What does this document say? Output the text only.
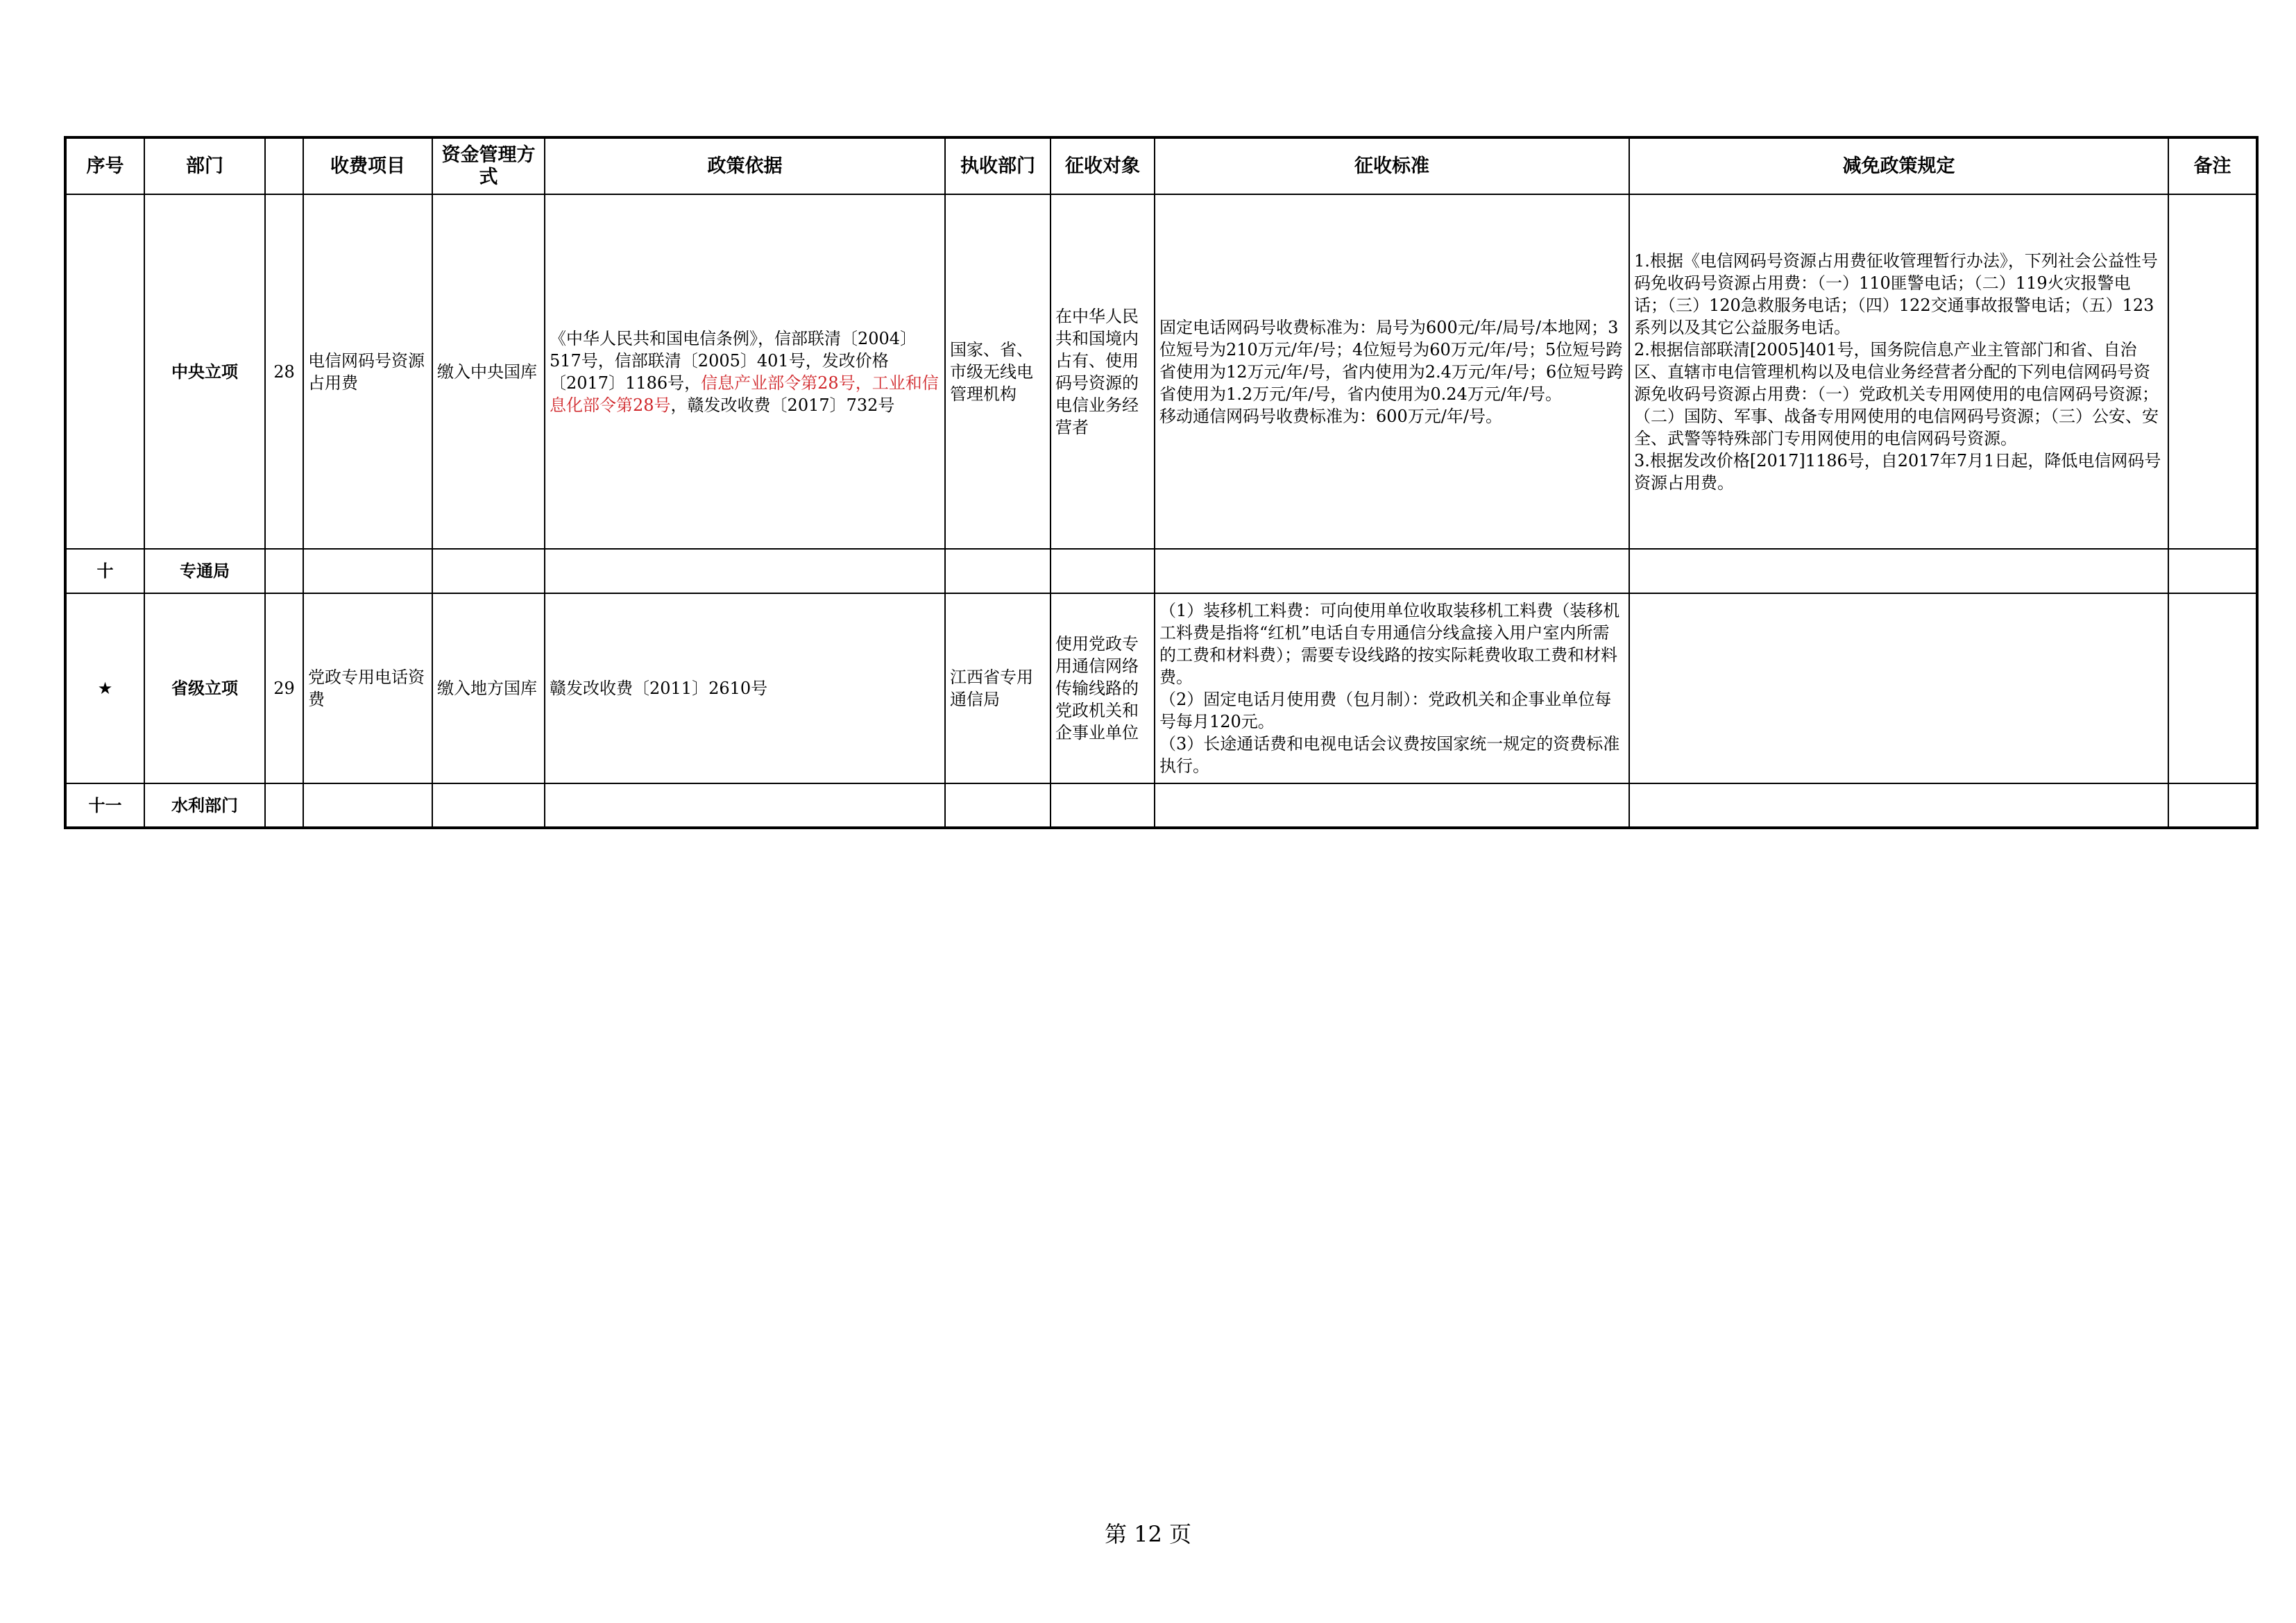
序号	部门		收费项目	资金管理方式	政策依据	执收部门	征收对象	征收标准	减免政策规定	备注
	中央立项	28	电信网码号资源占用费	缴入中央国库	《中华人民共和国电信条例》，信部联清〔2004〕517号，信部联清〔2005〕401号，发改价格〔2017〕1186号，信息产业部令第28号，工业和信息化部令第28号，赣发改收费〔2017〕732号	国家、省、市级无线电管理机构	在中华人民共和国境内占有、使用码号资源的电信业务经营者	固定电话网码号收费标准为：局号为600元/年/局号/本地网；3位短号为210万元/年/号；4位短号为60万元/年/号；5位短号跨省使用为12万元/年/号，省内使用为2.4万元/年/号；6位短号跨省使用为1.2万元/年/号，省内使用为0.24万元/年/号。
移动通信网码号收费标准为：600万元/年/号。	1.根据《电信网码号资源占用费征收管理暂行办法》，下列社会公益性号码免收码号资源占用费：（一）110匪警电话；（二）119火灾报警电话；（三）120急救服务电话；（四）122交通事故报警电话；（五）123系列以及其它公益服务电话。
2.根据信部联清[2005]401号，国务院信息产业主管部门和省、自治区、直辖市电信管理机构以及电信业务经营者分配的下列电信网码号资源免收码号资源占用费：（一）党政机关专用网使用的电信网码号资源；（二）国防、军事、战备专用网使用的电信网码号资源；（三）公安、安全、武警等特殊部门专用网使用的电信网码号资源。
3.根据发改价格[2017]1186号，自2017年7月1日起，降低电信网码号资源占用费。	
十	专通局									
★	省级立项	29	党政专用电话资费	缴入地方国库	赣发改收费〔2011〕2610号	江西省专用通信局	使用党政专用通信网络传输线路的党政机关和企事业单位	（1）装移机工料费：可向使用单位收取装移机工料费（装移机工料费是指将“红机”电话自专用通信分线盒接入用户室内所需的工费和材料费）；需要专设线路的按实际耗费收取工费和材料费。
（2）固定电话月使用费（包月制）：党政机关和企事业单位每号每月120元。
（3）长途通话费和电视电话会议费按国家统一规定的资费标准执行。		
十一	水利部门									
第 12 页
